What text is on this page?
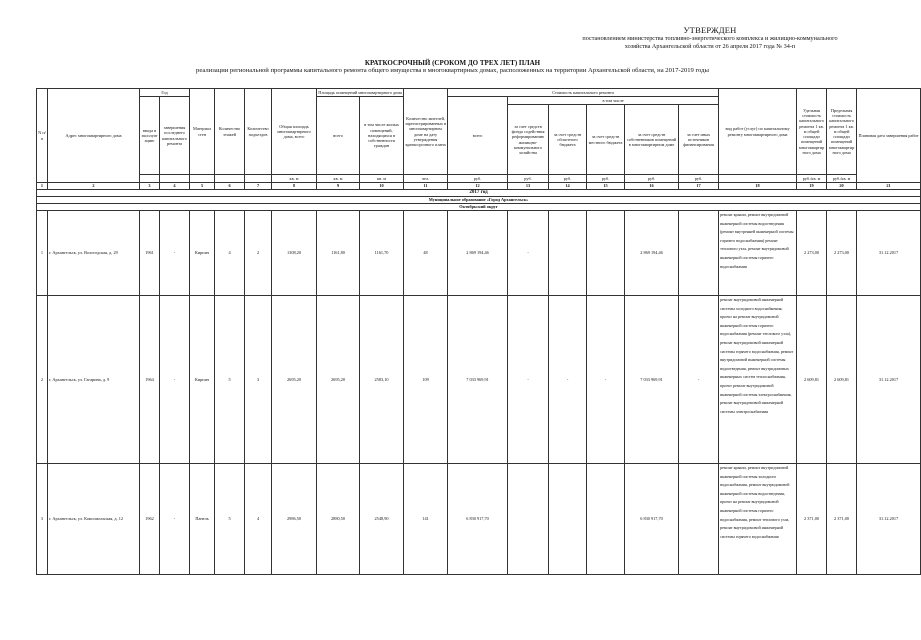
УТВЕРЖДЕН
постановлением министерства топливно-энергетического комплекса и жилищно-коммунального
хозяйства Архангельской области от 26 апреля 2017 года № 34-п
КРАТКОСРОЧНЫЙ (СРОКОМ ДО ТРЕХ ЛЕТ) ПЛАН
реализации региональной программы капитального ремонта общего имущества в многоквартирных домах, расположенных на территории Архангельской области, на 2017-2019 годы
N п/п	Адрес многоквартирного дома	Год		Материал стен	Количество этажей	Количество подъездов	Общая площадь многоквартирного дома, всего	Площадь помещений многоквартирного дома		Количество жителей, зарегистрированных в многоквартирном доме на дату утверждения краткосрочного плана	Стоимость капитального ремонта						вид работ (услуг) по капитальному ремонту многоквартирного дома	Удельная стоимость капитального ремонта 1 кв. м общей площади помещений многоквартирного дома	Предельная стоимость капитального ремонта 1 кв. м общей площади помещений многоквартирного дома	Плановая дата завершения работ
		ввода в эксплуатацию	завершения последнего капитального ремонта					всего	в том числе жилых помещений, находящихся в собственности граждан		всего	в том числе								
												за счет средств фонда содействия реформированию жилищно-коммунального хозяйства	за счет средств областного бюджета	за счет средств местного бюджета	за счет средств собственников помещений в многоквартирном доме	за счет иных источников финансирования				
							кв. м	кв. м	кв. м	чел.	руб.	руб.	руб.	руб.	руб.	руб.		руб./кв. м	руб./кв. м	
1	2	3	4	5	6	7	8	9	10	11	12	13	14	15	16	17	18	19	20	21
2017 год																				
Муниципальное образование «Город Архангельск»																				
Октябрьский округ																				
1	г. Архангельск, ул. Вологодская, д. 29	1961	-	Кирпич	4	2	1308,20	1161,80	1161,70	48	2 869 194,46	-			2 869 194,46		ремонт крыши, ремонт внутридомовой инженерной системы водоотведения (ремонт внутренней инженерной системы горячего водоснабжения) ремонт теплового узла, ремонт внутридомовой инженерной системы горячего водоснабжения	2 273,00	2 273,00	31.12.2017
2	г. Архангельск, ул. Гагарина, д. 9	1964	-	Кирпич	5	3	2695,20	2695,20	2583,10	109	7 033 969,91	-	-	-	7 033 969,91	-	ремонт внутридомовой инженерной системы холодного водоснабжения; проект на ремонт внутридомовой инженерной системы горячего водоснабжения (ремонт теплового узла), ремонт внутридомовой инженерной системы горячего водоснабжения, ремонт внутридомовой инженерной системы водоотведения, ремонт внутридомовых инженерных систем теплоснабжения, проект ремонт внутридомовой инженерной системы электроснабжения, ремонт внутридомовой инженерной системы электроснабжения	2 609,81	2 609,81	31.12.2017
3	г. Архангельск, ул. Комсомольская, д. 12	1962	-	Панель	5	4	2986,50	2880,50	2548,90	141	6 830 917,70				6 830 917,70		ремонт крыши, ремонт внутридомовой инженерной системы холодного водоснабжения, ремонт внутридомовой инженерной системы водоотведения, проект на ремонт внутридомовой инженерной системы горячего водоснабжения, ремонт теплового узла, ремонт внутридомовой инженерной системы горячего водоснабжения	2 371,00	2 371,00	31.12.2017
